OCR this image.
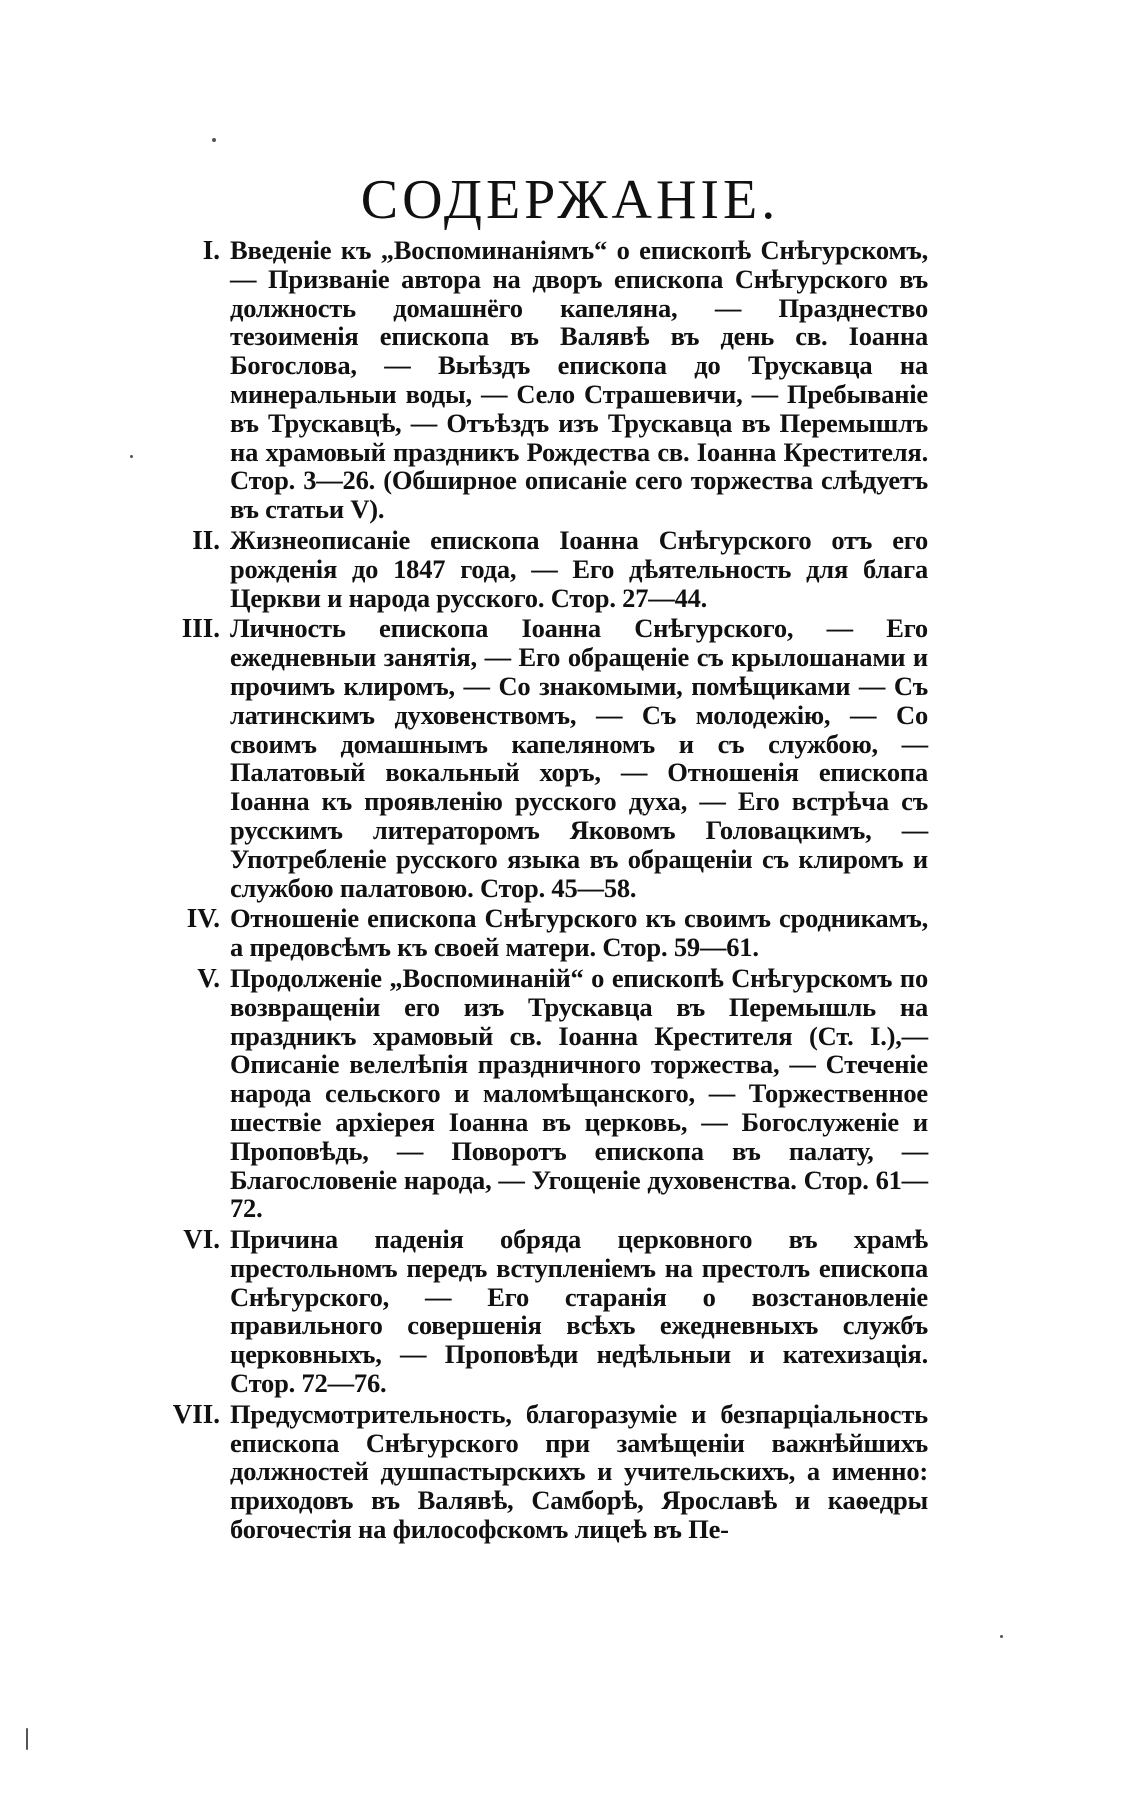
СОДЕРЖАНІЕ.
I. Введеніе къ „Воспоминаніямъ“ о епископѣ Снѣгурскомъ, — Призваніе автора на дворъ епископа Снѣгурского въ должность домашнёго капеляна, — Празднество тезоименія епископа въ Валявѣ въ день св. Іоанна Богослова, — Выѣздъ епископа до Трускавца на минеральныи воды, — Село Страшевичи, — Пребываніе въ Трускавцѣ, — Отъѣздъ изъ Трускавца въ Перемышлъ на храмовый праздникъ Рождества св. Іоанна Крестителя. Стор. 3—26. (Обширное описаніе сего торжества слѣдуетъ въ статьи V).
II. Жизнеописаніе епископа Іоанна Снѣгурского отъ его рожденія до 1847 года, — Его дѣятельность для блага Церкви и народа русского. Стор. 27—44.
III. Личность епископа Іоанна Снѣгурского, — Его ежедневныи занятія, — Его обращеніе съ крылошанами и прочимъ клиромъ, — Со знакомыми, помѣщиками — Съ латинскимъ духовенствомъ, — Съ молодежію, — Со своимъ домашнымъ капеляномъ и съ службою, — Палатовый вокальный хоръ, — Отношенія епископа Іоанна къ проявленію русского духа, — Его встрѣча съ русскимъ литераторомъ Яковомъ Головацкимъ, — Употребленіе русского языка въ обращеніи съ клиромъ и службою палатовою. Стор. 45—58.
IV. Отношеніе епископа Снѣгурского къ своимъ сродникамъ, а предовсѣмъ къ своей матери. Стор. 59—61.
V. Продолженіе „Воспоминаній“ о епископѣ Снѣгурскомъ по возвращеніи его изъ Трускавца въ Перемышль на праздникъ храмовый св. Іоанна Крестителя (Ст. I.),— Описаніе велелѣпія праздничного торжества, — Стеченіе народа сельского и маломѣщанского, — Торжественное шествіе архіерея Іоанна въ церковь, — Богослуженіе и Проповѣдь, — Поворотъ епископа въ палату, — Благословеніе народа, — Угощеніе духовенства. Стор. 61—72.
VI. Причина паденія обряда церковного въ храмѣ престольномъ передъ вступленіемъ на престолъ епископа Снѣгурского, — Его старанія о возстановленіе правильного совершенія всѣхъ ежедневныхъ службъ церковныхъ, — Проповѣди недѣльныи и катехизація. Стор. 72—76.
VII. Предусмотрительность, благоразуміе и безпарціальность епископа Снѣгурского при замѣщеніи важнѣйшихъ должностей душпастырскихъ и учительскихъ, а именно: приходовъ въ Валявѣ, Самборѣ, Ярославѣ и каѳедры богочестія на философскомъ лицеѣ въ Пе-
